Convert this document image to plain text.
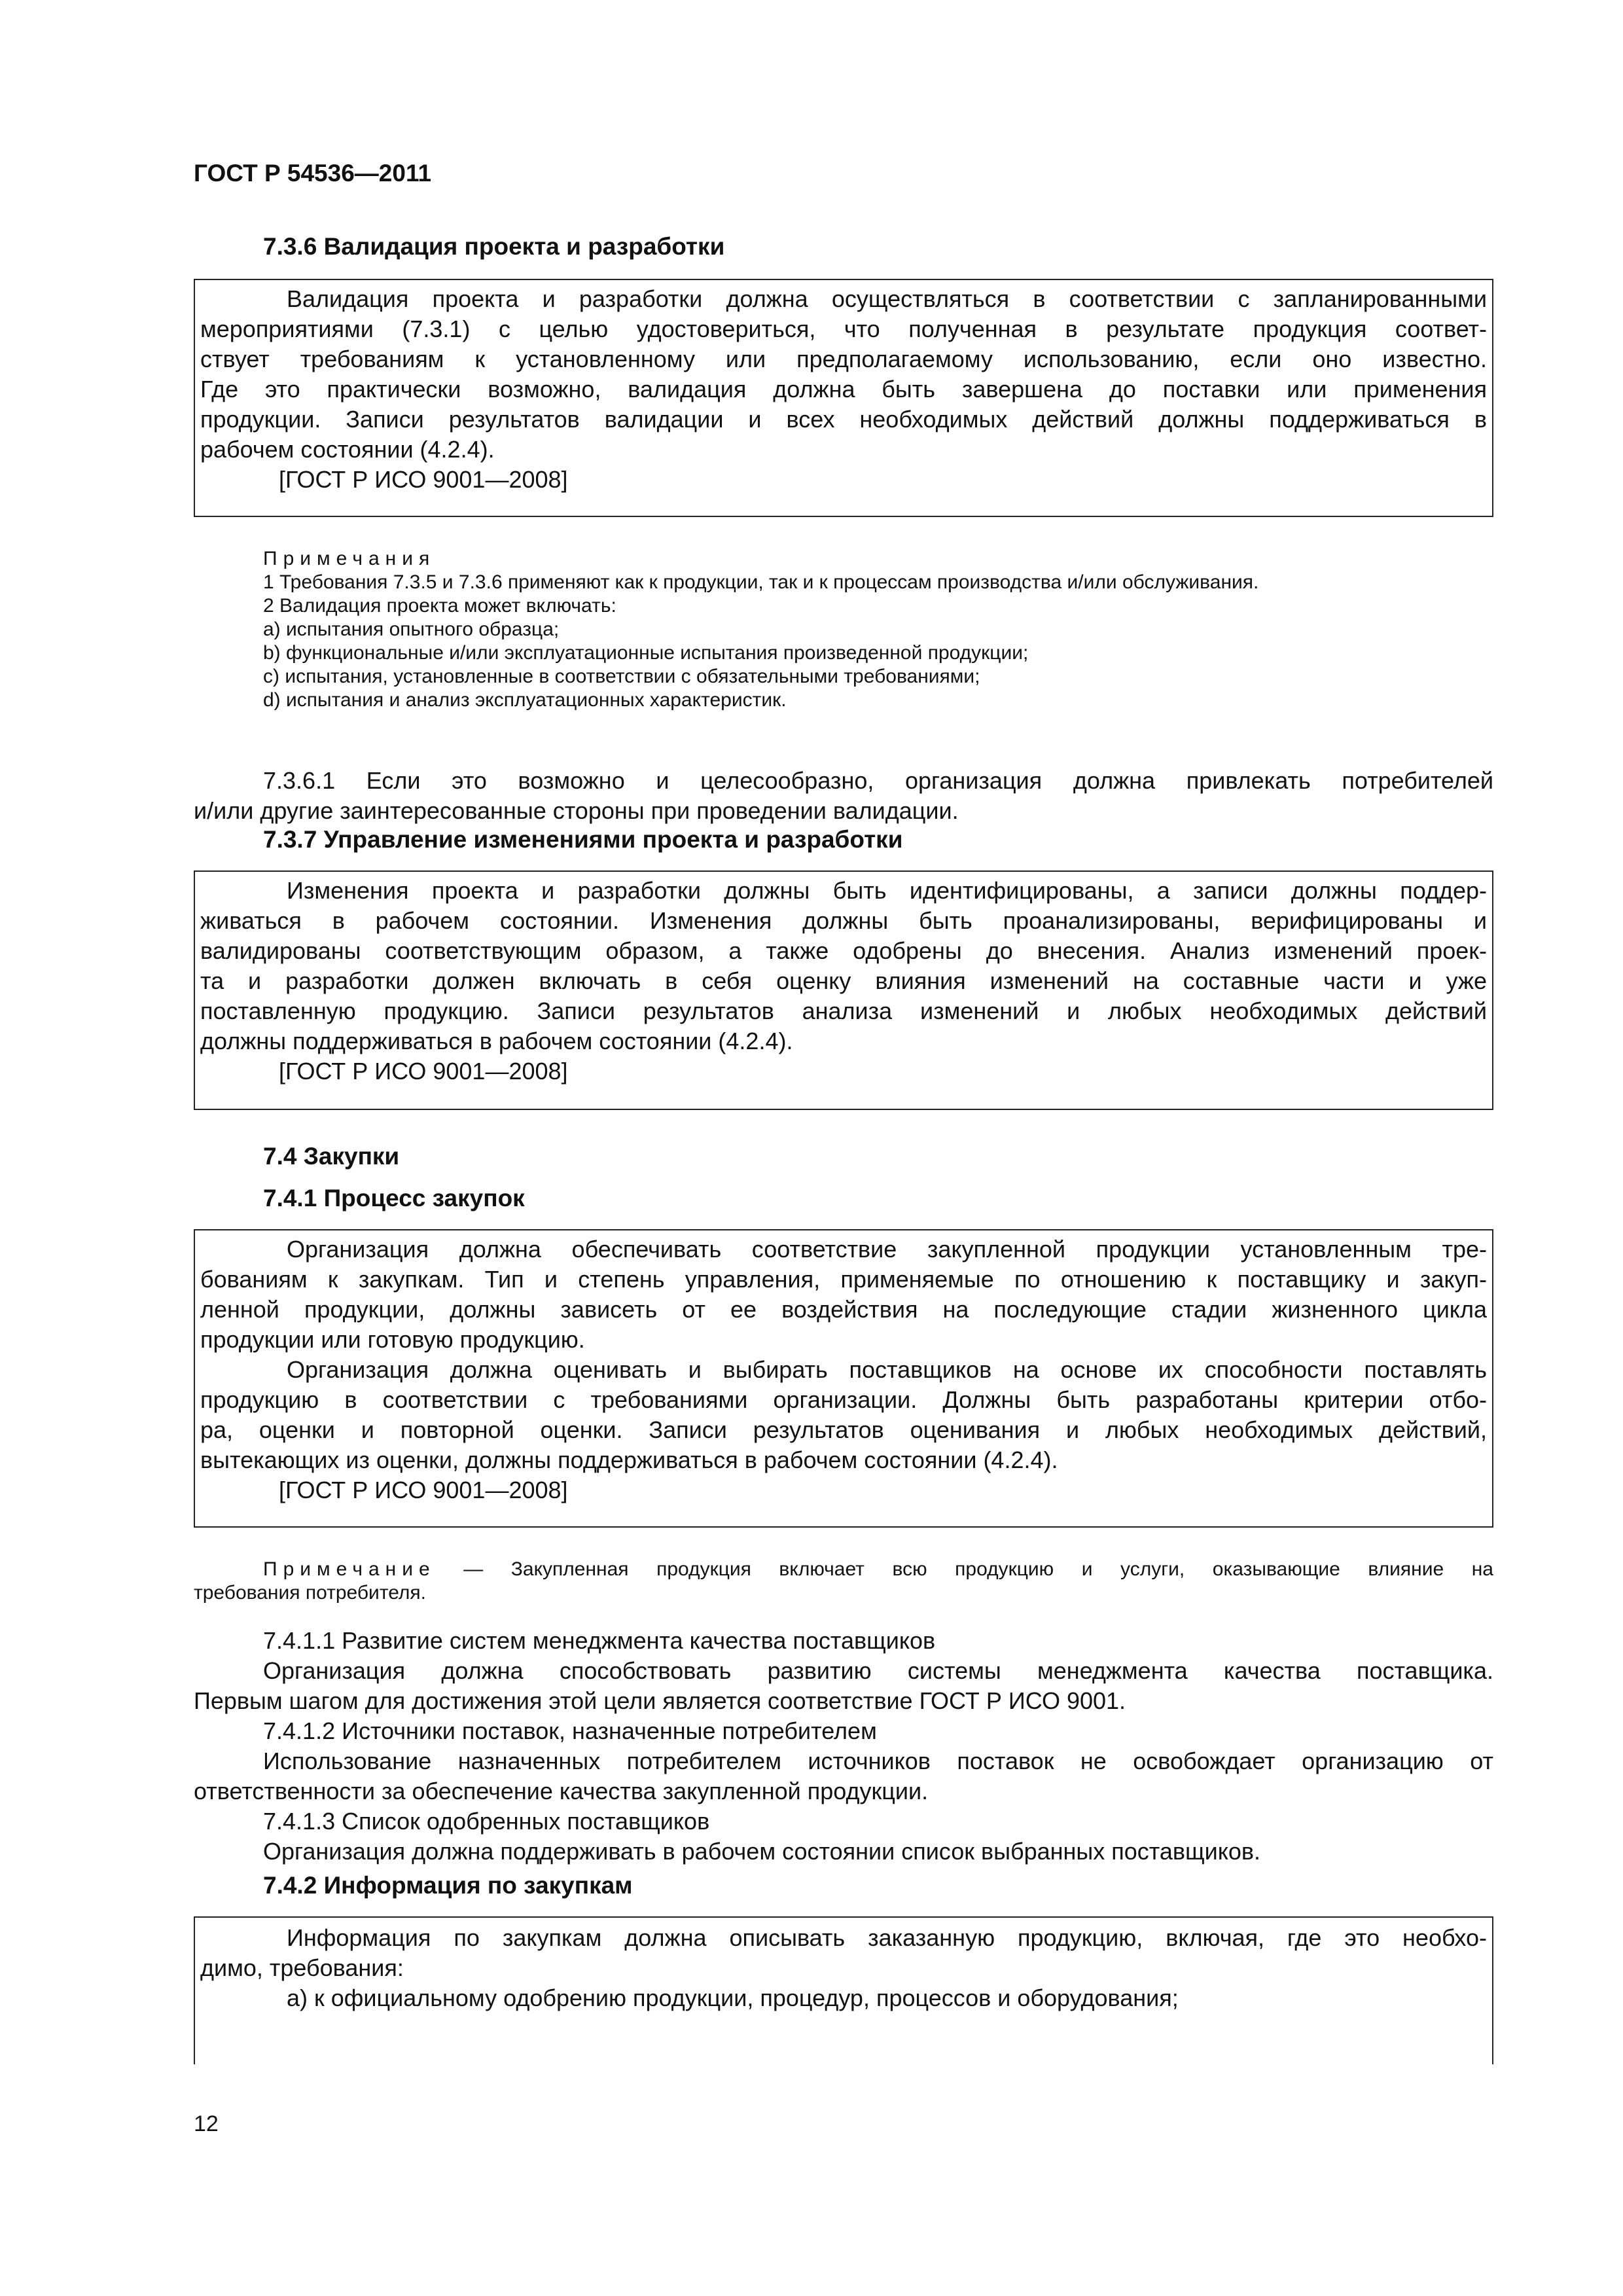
ГОСТ Р 54536—2011
7.3.6 Валидация проекта и разработки
Валидация проекта и разработки должна осуществляться в соответствии с запланированными
мероприятиями (7.3.1) с целью удостовериться, что полученная в результате продукция соответ-
ствует требованиям к установленному или предполагаемому использованию, если оно известно.
Где это практически возможно, валидация должна быть завершена до поставки или применения
продукции. Записи результатов валидации и всех необходимых действий должны поддерживаться в
рабочем состоянии (4.2.4).
[ГОСТ Р ИСО 9001—2008]
Примечания
1 Требования 7.3.5 и 7.3.6 применяют как к продукции, так и к процессам производства и/или обслуживания.
2 Валидация проекта может включать:
a) испытания опытного образца;
b) функциональные и/или эксплуатационные испытания произведенной продукции;
c) испытания, установленные в соответствии с обязательными требованиями;
d) испытания и анализ эксплуатационных характеристик.
7.3.6.1 Если это возможно и целесообразно, организация должна привлекать потребителей
и/или другие заинтересованные стороны при проведении валидации.
7.3.7 Управление изменениями проекта и разработки
Изменения проекта и разработки должны быть идентифицированы, а записи должны поддер-
живаться в рабочем состоянии. Изменения должны быть проанализированы, верифицированы и
валидированы соответствующим образом, а также одобрены до внесения. Анализ изменений проек-
та и разработки должен включать в себя оценку влияния изменений на составные части и уже
поставленную продукцию. Записи результатов анализа изменений и любых необходимых действий
должны поддерживаться в рабочем состоянии (4.2.4).
[ГОСТ Р ИСО 9001—2008]
7.4 Закупки
7.4.1 Процесс закупок
Организация должна обеспечивать соответствие закупленной продукции установленным тре-
бованиям к закупкам. Тип и степень управления, применяемые по отношению к поставщику и закуп-
ленной продукции, должны зависеть от ее воздействия на последующие стадии жизненного цикла
продукции или готовую продукцию.
Организация должна оценивать и выбирать поставщиков на основе их способности поставлять
продукцию в соответствии с требованиями организации. Должны быть разработаны критерии отбо-
ра, оценки и повторной оценки. Записи результатов оценивания и любых необходимых действий,
вытекающих из оценки, должны поддерживаться в рабочем состоянии (4.2.4).
[ГОСТ Р ИСО 9001—2008]
Примечание — Закупленная продукция включает всю продукцию и услуги, оказывающие влияние на
требования потребителя.
7.4.1.1 Развитие систем менеджмента качества поставщиков
Организация должна способствовать развитию системы менеджмента качества поставщика.
Первым шагом для достижения этой цели является соответствие ГОСТ Р ИСО 9001.
7.4.1.2 Источники поставок, назначенные потребителем
Использование назначенных потребителем источников поставок не освобождает организацию от
ответственности за обеспечение качества закупленной продукции.
7.4.1.3 Список одобренных поставщиков
Организация должна поддерживать в рабочем состоянии список выбранных поставщиков.
7.4.2 Информация по закупкам
Информация по закупкам должна описывать заказанную продукцию, включая, где это необхо-
димо, требования:
а) к официальному одобрению продукции, процедур, процессов и оборудования;
12
